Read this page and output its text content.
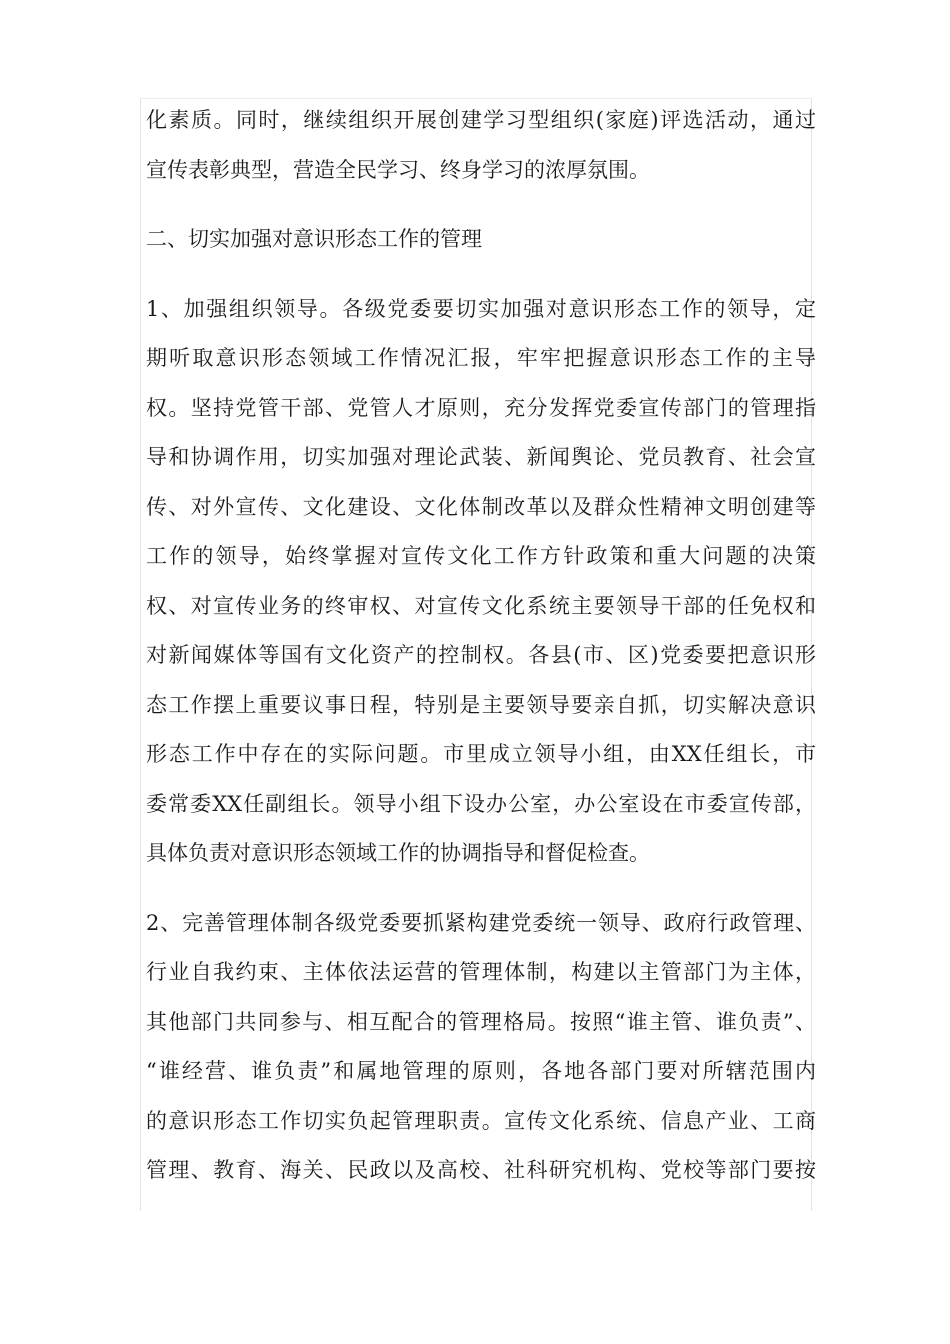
化素质。同时，继续组织开展创建学习型组织(家庭)评选活动，通过
宣传表彰典型，营造全民学习、终身学习的浓厚氛围。
二、切实加强对意识形态工作的管理
1、加强组织领导。各级党委要切实加强对意识形态工作的领导，定
期听取意识形态领域工作情况汇报，牢牢把握意识形态工作的主导
权。坚持党管干部、党管人才原则，充分发挥党委宣传部门的管理指
导和协调作用，切实加强对理论武装、新闻舆论、党员教育、社会宣
传、对外宣传、文化建设、文化体制改革以及群众性精神文明创建等
工作的领导，始终掌握对宣传文化工作方针政策和重大问题的决策
权、对宣传业务的终审权、对宣传文化系统主要领导干部的任免权和
对新闻媒体等国有文化资产的控制权。各县(市、区)党委要把意识形
态工作摆上重要议事日程，特别是主要领导要亲自抓，切实解决意识
形态工作中存在的实际问题。市里成立领导小组，由XX任组长，市
委常委XX任副组长。领导小组下设办公室，办公室设在市委宣传部，
具体负责对意识形态领域工作的协调指导和督促检查。
2、完善管理体制各级党委要抓紧构建党委统一领导、政府行政管理、
行业自我约束、主体依法运营的管理体制，构建以主管部门为主体，
其他部门共同参与、相互配合的管理格局。按照“谁主管、谁负责”、
“谁经营、谁负责”和属地管理的原则，各地各部门要对所辖范围内
的意识形态工作切实负起管理职责。宣传文化系统、信息产业、工商
管理、教育、海关、民政以及高校、社科研究机构、党校等部门要按
